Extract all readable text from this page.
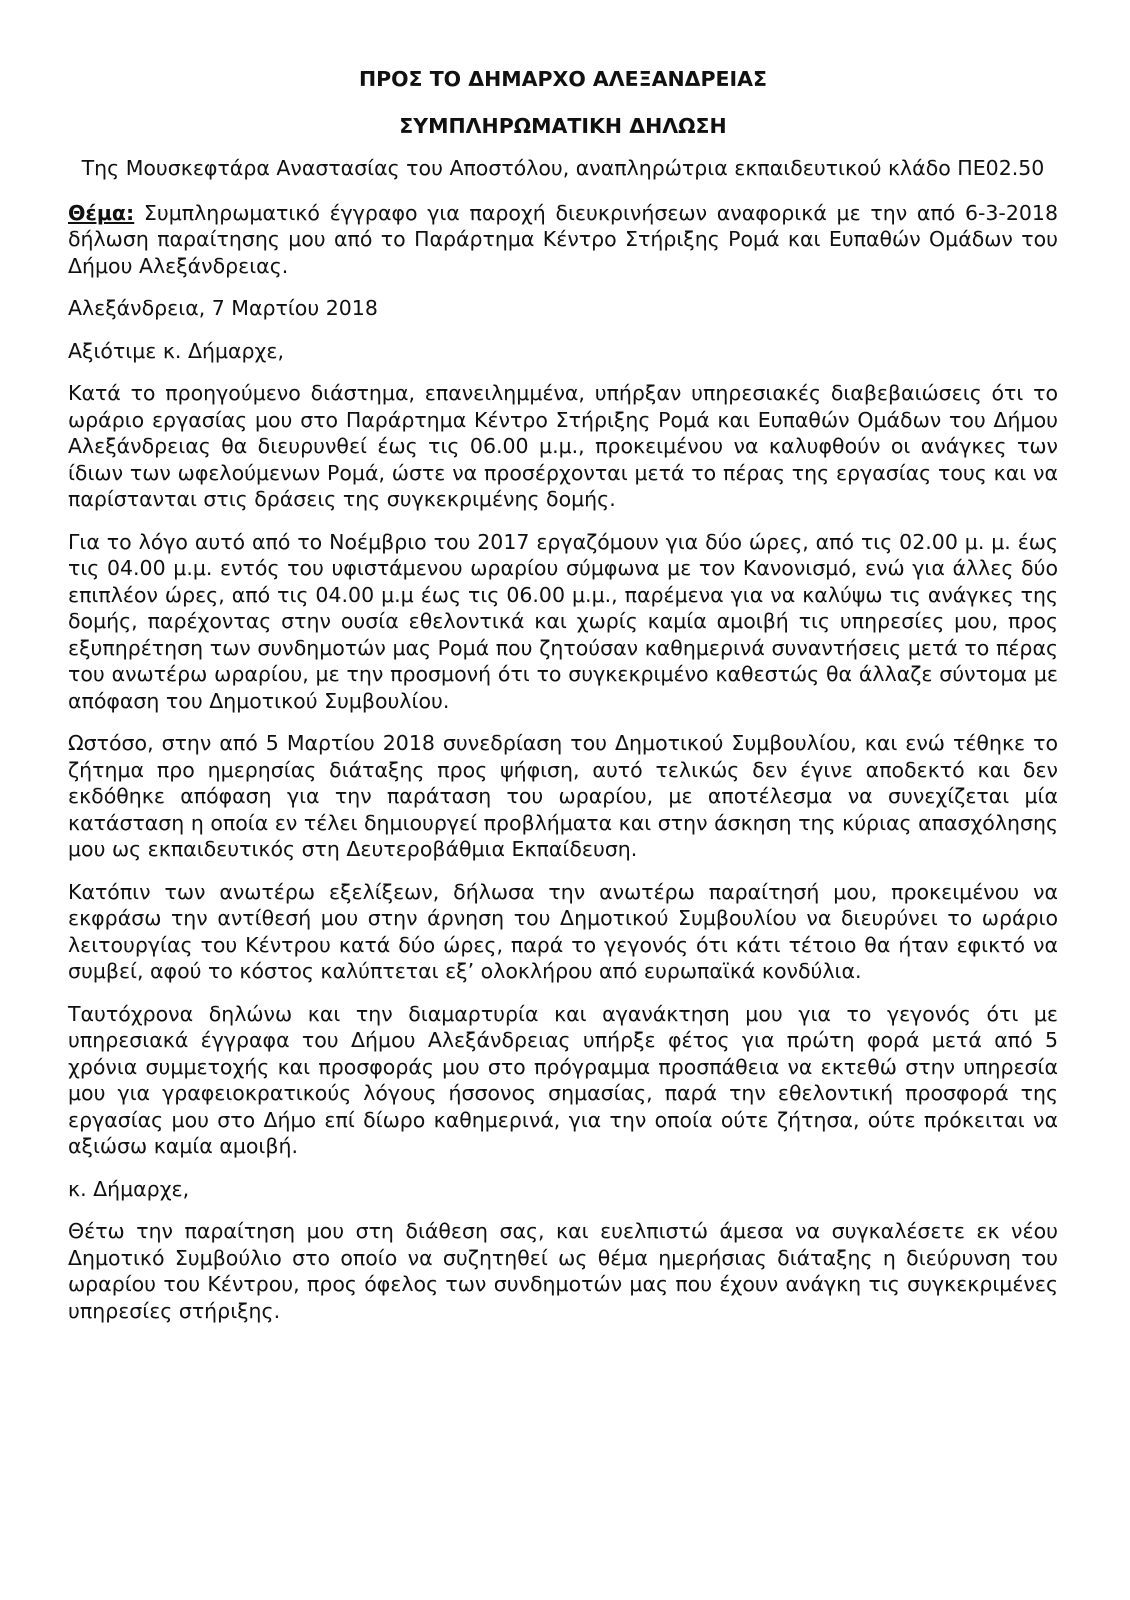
ΠΡΟΣ ΤΟ ΔΗΜΑΡΧΟ ΑΛΕΞΑΝΔΡΕΙΑΣ
ΣΥΜΠΛΗΡΩΜΑΤΙΚΗ ΔΗΛΩΣΗ
Της Μουσκεφτάρα Αναστασίας του Αποστόλου, αναπληρώτρια εκπαιδευτικού κλάδο ΠΕ02.50

Θέμα: Συμπληρωματικό έγγραφο για παροχή διευκρινήσεων αναφορικά με την από 6-3-2018 δήλωση παραίτησης μου από το Παράρτημα Κέντρο Στήριξης Ρομά και Ευπαθών Ομάδων του Δήμου Αλεξάνδρειας.

Αλεξάνδρεια, 7 Μαρτίου 2018

Αξιότιμε κ. Δήμαρχε,

Κατά το προηγούμενο διάστημα, επανειλημμένα, υπήρξαν υπηρεσιακές διαβεβαιώσεις ότι το ωράριο εργασίας μου στο Παράρτημα Κέντρο Στήριξης Ρομά και Ευπαθών Ομάδων του Δήμου Αλεξάνδρειας θα διευρυνθεί έως τις 06.00 μ.μ., προκειμένου να καλυφθούν οι ανάγκες των ίδιων των ωφελούμενων Ρομά, ώστε να προσέρχονται μετά το πέρας της εργασίας τους και να παρίστανται στις δράσεις της συγκεκριμένης δομής.

Για το λόγο αυτό από το Νοέμβριο του 2017 εργαζόμουν για δύο ώρες, από τις 02.00 μ. μ. έως τις 04.00 μ.μ. εντός του υφιστάμενου ωραρίου σύμφωνα με τον Κανονισμό, ενώ για άλλες δύο επιπλέον ώρες, από τις 04.00 μ.μ έως τις 06.00 μ.μ., παρέμενα για να καλύψω τις ανάγκες της δομής, παρέχοντας στην ουσία εθελοντικά και χωρίς καμία αμοιβή τις υπηρεσίες μου, προς εξυπηρέτηση των συνδημοτών μας Ρομά που ζητούσαν καθημερινά συναντήσεις μετά το πέρας του ανωτέρω ωραρίου, με την προσμονή ότι το συγκεκριμένο καθεστώς θα άλλαζε σύντομα με απόφαση του Δημοτικού Συμβουλίου.

Ωστόσο, στην από 5 Μαρτίου 2018 συνεδρίαση του Δημοτικού Συμβουλίου, και ενώ τέθηκε το ζήτημα προ ημερησίας διάταξης προς ψήφιση, αυτό τελικώς δεν έγινε αποδεκτό και δεν εκδόθηκε απόφαση για την παράταση του ωραρίου, με αποτέλεσμα να συνεχίζεται μία κατάσταση η οποία εν τέλει δημιουργεί προβλήματα και στην άσκηση της κύριας απασχόλησης μου ως εκπαιδευτικός στη Δευτεροβάθμια Εκπαίδευση.

Κατόπιν των ανωτέρω εξελίξεων, δήλωσα την ανωτέρω παραίτησή μου, προκειμένου να εκφράσω την αντίθεσή μου στην άρνηση του Δημοτικού Συμβουλίου να διευρύνει το ωράριο λειτουργίας του Κέντρου κατά δύο ώρες, παρά το γεγονός ότι κάτι τέτοιο θα ήταν εφικτό να συμβεί, αφού το κόστος καλύπτεται εξ’ ολοκλήρου από ευρωπαϊκά κονδύλια.

Ταυτόχρονα δηλώνω και την διαμαρτυρία και αγανάκτηση μου για το γεγονός ότι με υπηρεσιακά έγγραφα του Δήμου Αλεξάνδρειας υπήρξε φέτος για πρώτη φορά μετά από 5 χρόνια συμμετοχής και προσφοράς μου στο πρόγραμμα προσπάθεια να εκτεθώ στην υπηρεσία μου για γραφειοκρατικούς λόγους ήσσονος σημασίας, παρά την εθελοντική προσφορά της εργασίας μου στο Δήμο επί δίωρο καθημερινά, για την οποία ούτε ζήτησα, ούτε πρόκειται να αξιώσω καμία αμοιβή.

κ. Δήμαρχε,

Θέτω την παραίτηση μου στη διάθεση σας, και ευελπιστώ άμεσα να συγκαλέσετε εκ νέου Δημοτικό Συμβούλιο στο οποίο να συζητηθεί ως θέμα ημερήσιας διάταξης η διεύρυνση του ωραρίου του Κέντρου, προς όφελος των συνδημοτών μας που έχουν ανάγκη τις συγκεκριμένες υπηρεσίες στήριξης.
